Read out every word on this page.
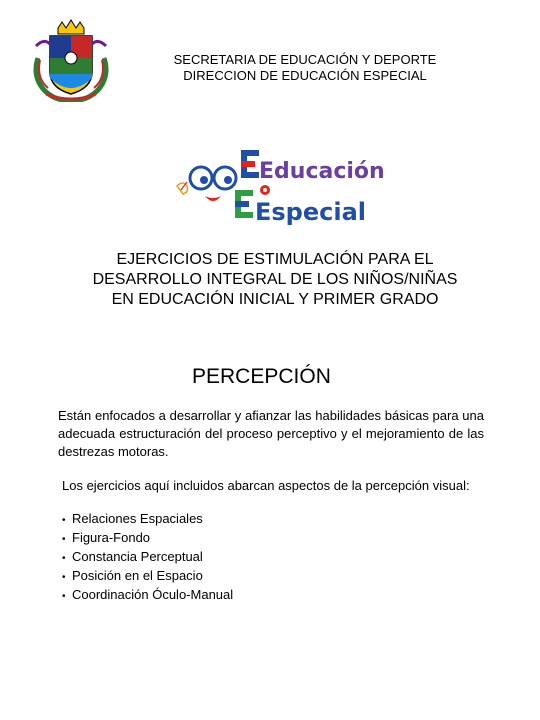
SECRETARIA DE EDUCACIÓN Y DEPORTE
DIRECCION DE EDUCACIÓN ESPECIAL
Educación
Especial
EJERCICIOS DE ESTIMULACIÓN PARA EL
DESARROLLO INTEGRAL DE LOS NIÑOS/NIÑAS
EN EDUCACIÓN INICIAL Y PRIMER GRADO
PERCEPCIÓN
Están enfocados a desarrollar y afianzar las habilidades básicas para una adecuada estructuración del proceso perceptivo y el mejoramiento de las destrezas motoras.
Los ejercicios aquí incluidos abarcan aspectos de la percepción visual:
• Relaciones Espaciales
• Figura-Fondo
• Constancia Perceptual
• Posición en el Espacio
• Coordinación Óculo-Manual
